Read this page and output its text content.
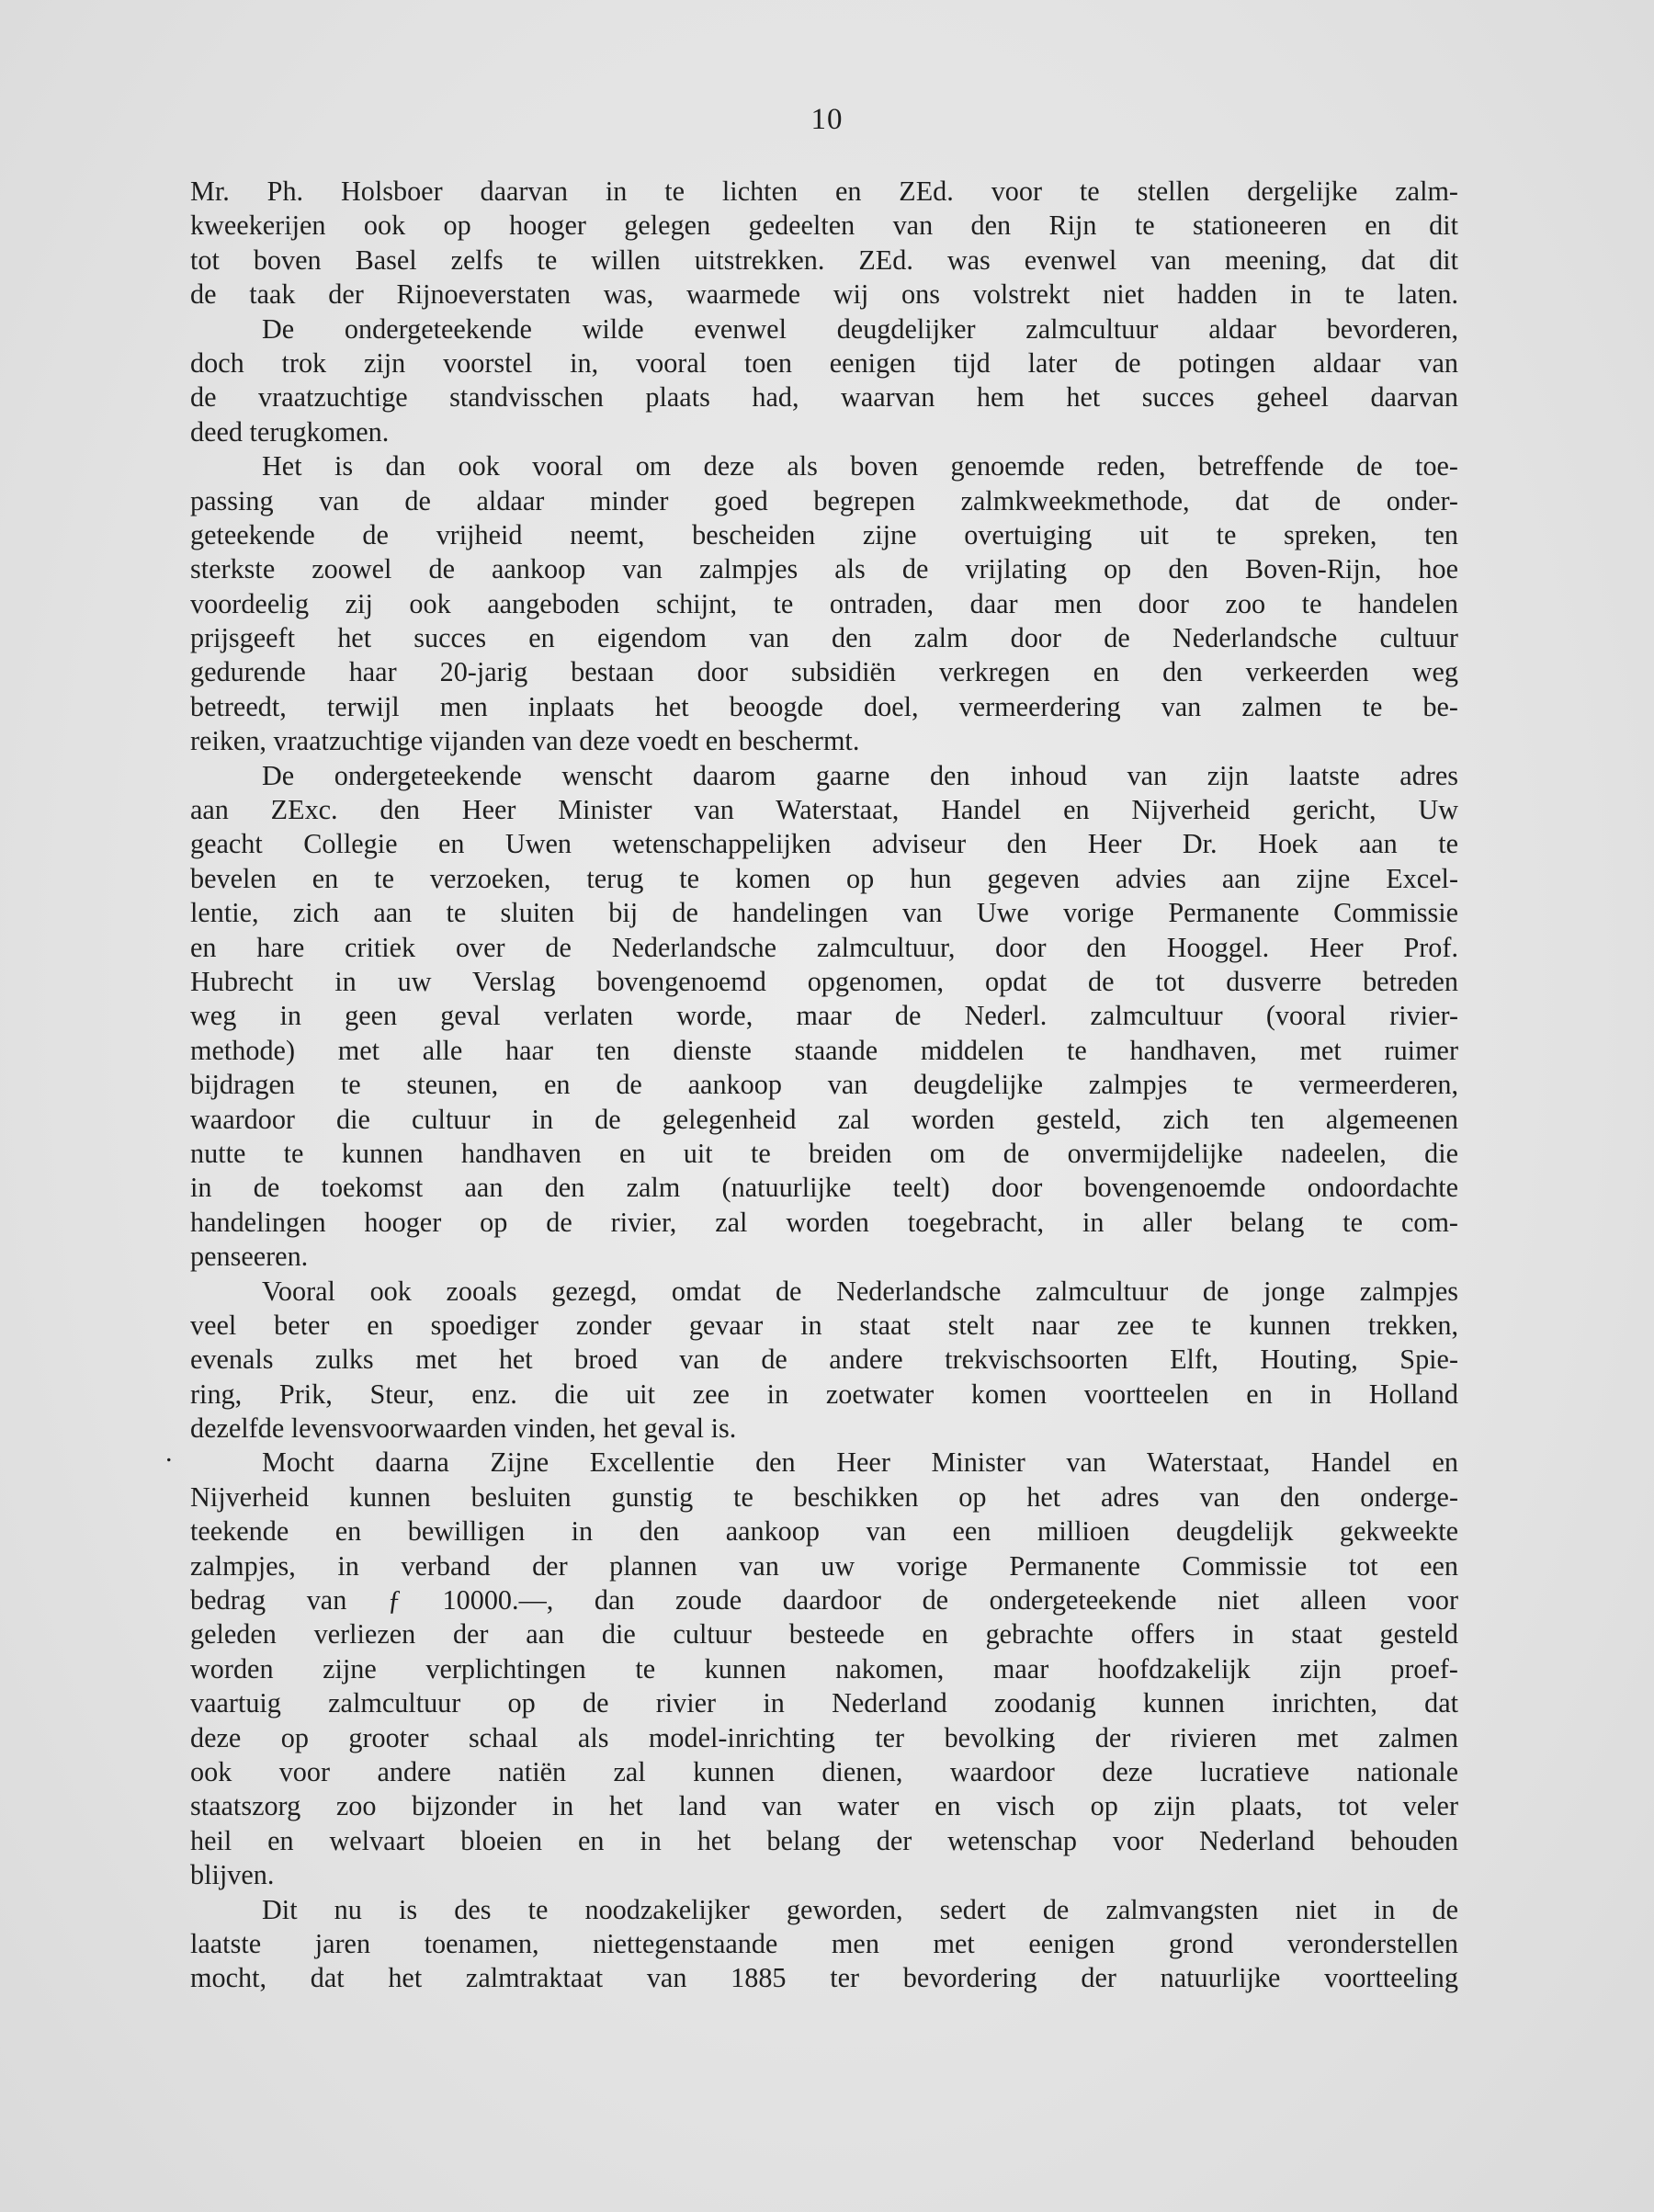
10
Mr. Ph. Holsboer daarvan in te lichten en ZEd. voor te stellen dergelijke zalm-
kweekerijen ook op hooger gelegen gedeelten van den Rijn te stationeeren en dit
tot boven Basel zelfs te willen uitstrekken. ZEd. was evenwel van meening, dat dit
de taak der Rijnoeverstaten was, waarmede wij ons volstrekt niet hadden in te laten.
De ondergeteekende wilde evenwel deugdelijker zalmcultuur aldaar bevorderen,
doch trok zijn voorstel in, vooral toen eenigen tijd later de potingen aldaar van
de vraatzuchtige standvisschen plaats had, waarvan hem het succes geheel daarvan
deed terugkomen.
Het is dan ook vooral om deze als boven genoemde reden, betreffende de toe-
passing van de aldaar minder goed begrepen zalmkweekmethode, dat de onder-
geteekende de vrijheid neemt, bescheiden zijne overtuiging uit te spreken, ten
sterkste zoowel de aankoop van zalmpjes als de vrijlating op den Boven-Rijn, hoe
voordeelig zij ook aangeboden schijnt, te ontraden, daar men door zoo te handelen
prijsgeeft het succes en eigendom van den zalm door de Nederlandsche cultuur
gedurende haar 20-jarig bestaan door subsidiën verkregen en den verkeerden weg
betreedt, terwijl men inplaats het beoogde doel, vermeerdering van zalmen te be-
reiken, vraatzuchtige vijanden van deze voedt en beschermt.
De ondergeteekende wenscht daarom gaarne den inhoud van zijn laatste adres
aan ZExc. den Heer Minister van Waterstaat, Handel en Nijverheid gericht, Uw
geacht Collegie en Uwen wetenschappelijken adviseur den Heer Dr. Hoek aan te
bevelen en te verzoeken, terug te komen op hun gegeven advies aan zijne Excel-
lentie, zich aan te sluiten bij de handelingen van Uwe vorige Permanente Commissie
en hare critiek over de Nederlandsche zalmcultuur, door den Hooggel. Heer Prof.
Hubrecht in uw Verslag bovengenoemd opgenomen, opdat de tot dusverre betreden
weg in geen geval verlaten worde, maar de Nederl. zalmcultuur (vooral rivier-
methode) met alle haar ten dienste staande middelen te handhaven, met ruimer
bijdragen te steunen, en de aankoop van deugdelijke zalmpjes te vermeerderen,
waardoor die cultuur in de gelegenheid zal worden gesteld, zich ten algemeenen
nutte te kunnen handhaven en uit te breiden om de onvermijdelijke nadeelen, die
in de toekomst aan den zalm (natuurlijke teelt) door bovengenoemde ondoordachte
handelingen hooger op de rivier, zal worden toegebracht, in aller belang te com-
penseeren.
Vooral ook zooals gezegd, omdat de Nederlandsche zalmcultuur de jonge zalmpjes
veel beter en spoediger zonder gevaar in staat stelt naar zee te kunnen trekken,
evenals zulks met het broed van de andere trekvischsoorten Elft, Houting, Spie-
ring, Prik, Steur, enz. die uit zee in zoetwater komen voortteelen en in Holland
dezelfde levensvoorwaarden vinden, het geval is.
Mocht daarna Zijne Excellentie den Heer Minister van Waterstaat, Handel en
Nijverheid kunnen besluiten gunstig te beschikken op het adres van den onderge-
teekende en bewilligen in den aankoop van een millioen deugdelijk gekweekte
zalmpjes, in verband der plannen van uw vorige Permanente Commissie tot een
bedrag van ƒ 10000.—, dan zoude daardoor de ondergeteekende niet alleen voor
geleden verliezen der aan die cultuur besteede en gebrachte offers in staat gesteld
worden zijne verplichtingen te kunnen nakomen, maar hoofdzakelijk zijn proef-
vaartuig zalmcultuur op de rivier in Nederland zoodanig kunnen inrichten, dat
deze op grooter schaal als model-inrichting ter bevolking der rivieren met zalmen
ook voor andere natiën zal kunnen dienen, waardoor deze lucratieve nationale
staatszorg zoo bijzonder in het land van water en visch op zijn plaats, tot veler
heil en welvaart bloeien en in het belang der wetenschap voor Nederland behouden
blijven.
Dit nu is des te noodzakelijker geworden, sedert de zalmvangsten niet in de
laatste jaren toenamen, niettegenstaande men met eenigen grond veronderstellen
mocht, dat het zalmtraktaat van 1885 ter bevordering der natuurlijke voortteeling
.
